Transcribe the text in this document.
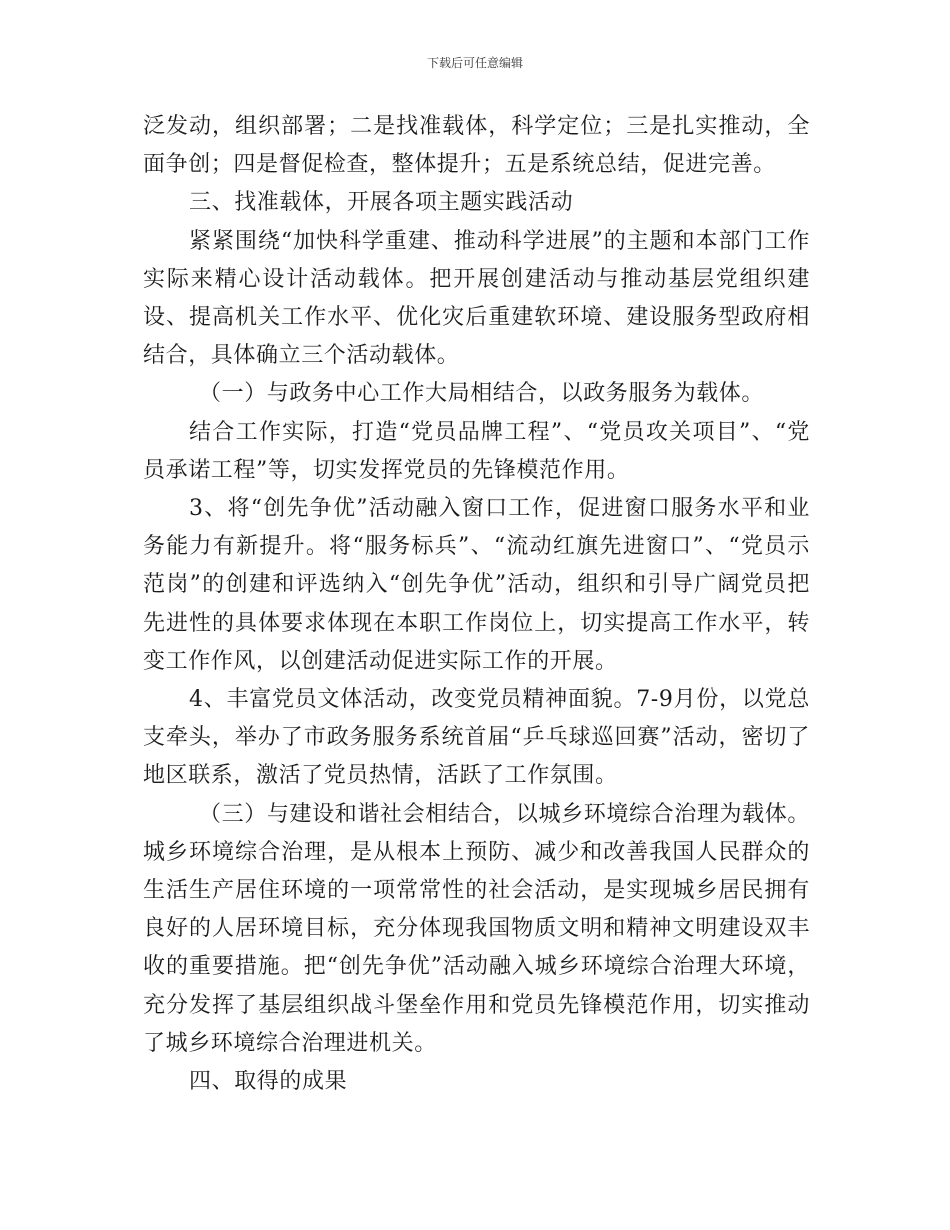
下载后可任意编辑

泛发动，组织部署；二是找准载体，科学定位；三是扎实推动，全面争创；四是督促检查，整体提升；五是系统总结，促进完善。

三、找准载体，开展各项主题实践活动

紧紧围绕“加快科学重建、推动科学进展”的主题和本部门工作实际来精心设计活动载体。把开展创建活动与推动基层党组织建设、提高机关工作水平、优化灾后重建软环境、建设服务型政府相结合，具体确立三个活动载体。

（一）与政务中心工作大局相结合，以政务服务为载体。

结合工作实际，打造“党员品牌工程”、“党员攻关项目”、“党员承诺工程”等，切实发挥党员的先锋模范作用。

3、将“创先争优”活动融入窗口工作，促进窗口服务水平和业务能力有新提升。将“服务标兵”、“流动红旗先进窗口”、“党员示范岗”的创建和评选纳入“创先争优”活动，组织和引导广阔党员把先进性的具体要求体现在本职工作岗位上，切实提高工作水平，转变工作作风，以创建活动促进实际工作的开展。

4、丰富党员文体活动，改变党员精神面貌。7-9月份，以党总支牵头，举办了市政务服务系统首届“乒乓球巡回赛”活动，密切了地区联系，激活了党员热情，活跃了工作氛围。

（三）与建设和谐社会相结合，以城乡环境综合治理为载体。城乡环境综合治理，是从根本上预防、减少和改善我国人民群众的生活生产居住环境的一项常常性的社会活动，是实现城乡居民拥有良好的人居环境目标，充分体现我国物质文明和精神文明建设双丰收的重要措施。把“创先争优”活动融入城乡环境综合治理大环境，充分发挥了基层组织战斗堡垒作用和党员先锋模范作用，切实推动了城乡环境综合治理进机关。

四、取得的成果
